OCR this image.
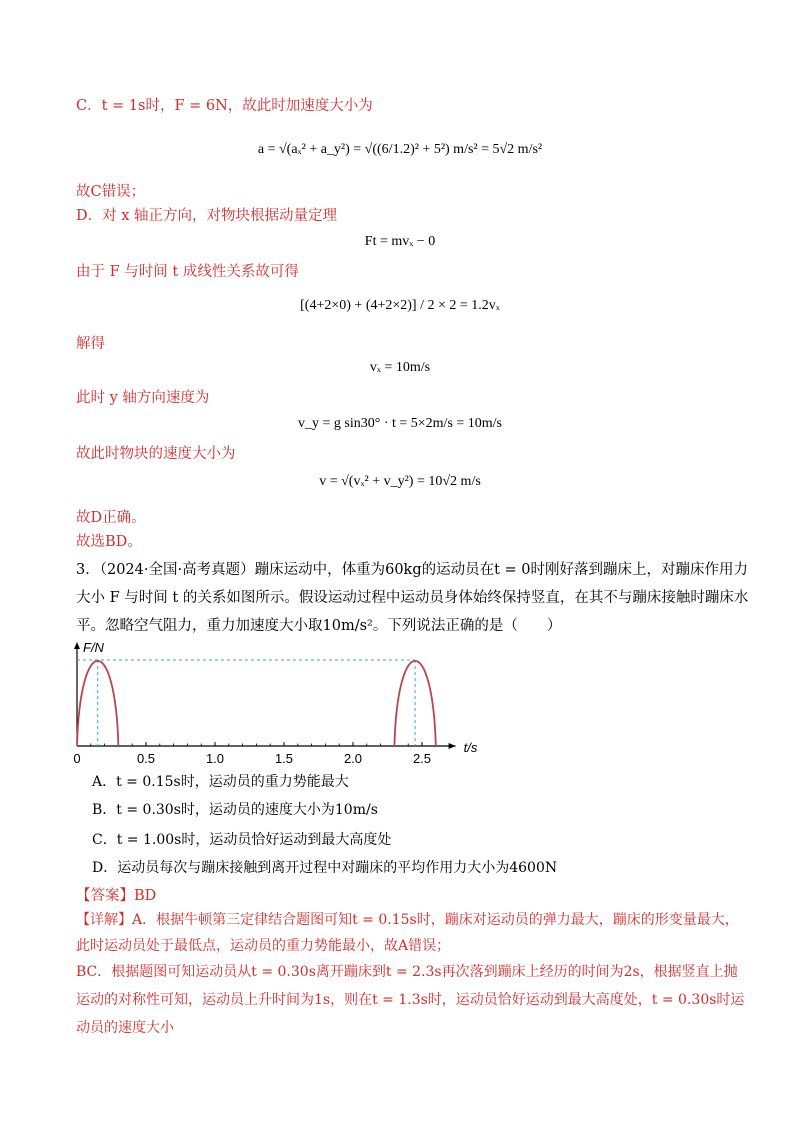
C．t = 1s时，F = 6N，故此时加速度大小为
a = √(aₓ² + a_y²) = √((6/1.2)² + 5²) m/s² = 5√2 m/s²
故C错误；
D．对 x 轴正方向，对物块根据动量定理
Ft = mvₓ − 0
由于 F 与时间 t 成线性关系故可得
[(4+2×0) + (4+2×2)] / 2 × 2 = 1.2vₓ
解得
vₓ = 10m/s
此时 y 轴方向速度为
v_y = g sin30° · t = 5×2m/s = 10m/s
故此时物块的速度大小为
v = √(vₓ² + v_y²) = 10√2 m/s
故D正确。
故选BD。
3．（2024·全国·高考真题）蹦床运动中，体重为60kg的运动员在t = 0时刚好落到蹦床上，对蹦床作用力
大小 F 与时间 t 的关系如图所示。假设运动过程中运动员身体始终保持竖直，在其不与蹦床接触时蹦床水
平。忽略空气阻力，重力加速度大小取10m/s²。下列说法正确的是（　　）
F/N
t/s
0	0.5	1.0	1.5	2.0	2.5
A．t = 0.15s时，运动员的重力势能最大
B．t = 0.30s时，运动员的速度大小为10m/s
C．t = 1.00s时，运动员恰好运动到最大高度处
D．运动员每次与蹦床接触到离开过程中对蹦床的平均作用力大小为4600N
【答案】BD
【详解】A．根据牛顿第三定律结合题图可知t = 0.15s时，蹦床对运动员的弹力最大，蹦床的形变量最大，
此时运动员处于最低点，运动员的重力势能最小，故A错误；
BC．根据题图可知运动员从t = 0.30s离开蹦床到t = 2.3s再次落到蹦床上经历的时间为2s，根据竖直上抛
运动的对称性可知，运动员上升时间为1s，则在t = 1.3s时，运动员恰好运动到最大高度处，t = 0.30s时运
动员的速度大小
